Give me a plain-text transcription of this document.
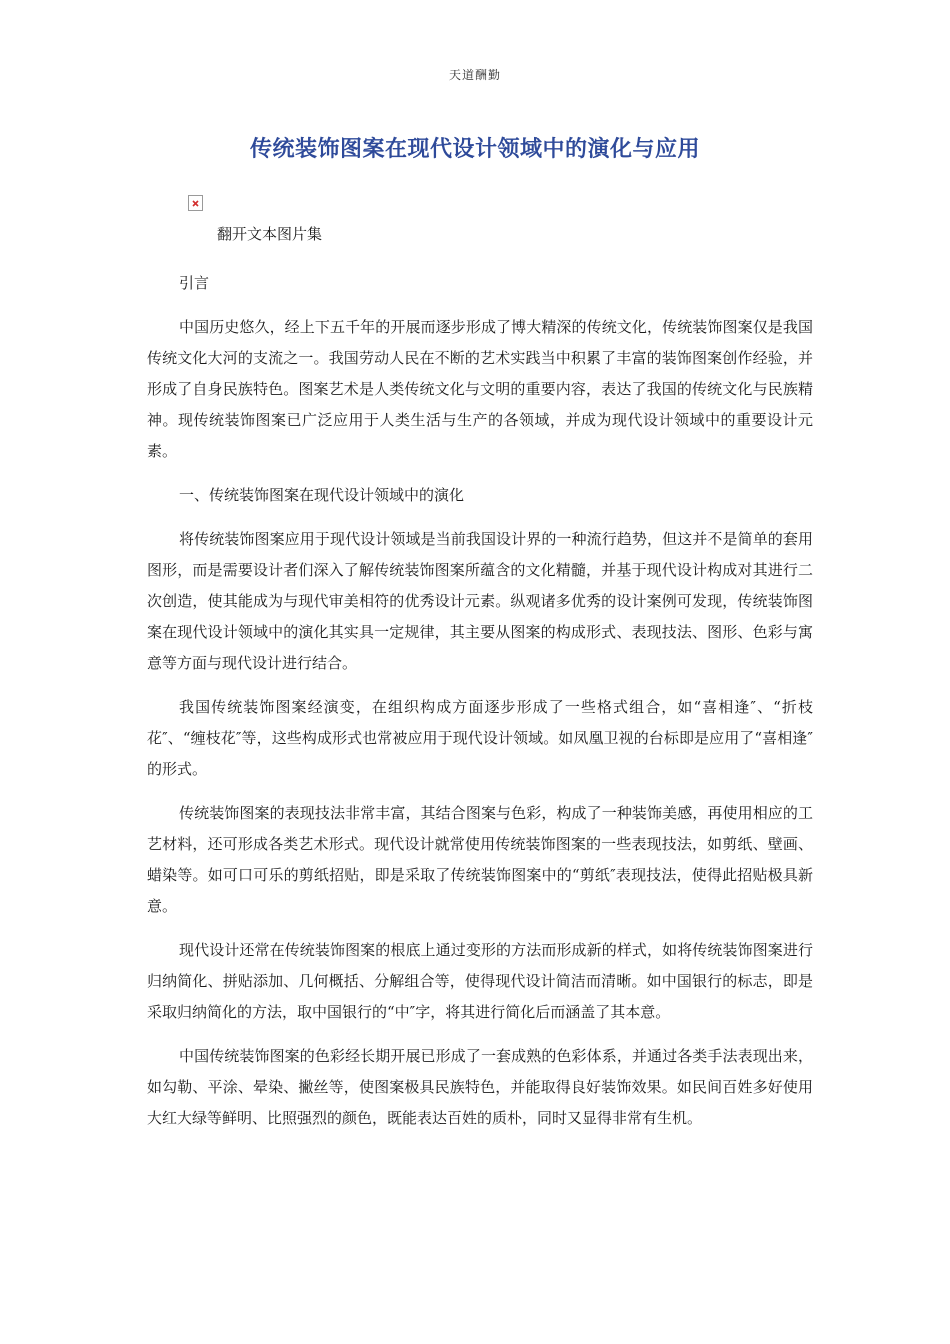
天道酬勤
传统装饰图案在现代设计领域中的演化与应用
翻开文本图片集

引言

中国历史悠久，经上下五千年的开展而逐步形成了博大精深的传统文化，传统装饰图案仅是我国传统文化大河的支流之一。我国劳动人民在不断的艺术实践当中积累了丰富的装饰图案创作经验，并形成了自身民族特色。图案艺术是人类传统文化与文明的重要内容，表达了我国的传统文化与民族精神。现传统装饰图案已广泛应用于人类生活与生产的各领域，并成为现代设计领域中的重要设计元素。

一、传统装饰图案在现代设计领域中的演化

将传统装饰图案应用于现代设计领域是当前我国设计界的一种流行趋势，但这并不是简单的套用图形，而是需要设计者们深入了解传统装饰图案所蕴含的文化精髓，并基于现代设计构成对其进行二次创造，使其能成为与现代审美相符的优秀设计元素。纵观诸多优秀的设计案例可发现，传统装饰图案在现代设计领域中的演化其实具一定规律，其主要从图案的构成形式、表现技法、图形、色彩与寓意等方面与现代设计进行结合。

我国传统装饰图案经演变，在组织构成方面逐步形成了一些格式组合，如“喜相逢″、“折枝花″、“缠枝花″等，这些构成形式也常被应用于现代设计领域。如凤凰卫视的台标即是应用了“喜相逢″的形式。

传统装饰图案的表现技法非常丰富，其结合图案与色彩，构成了一种装饰美感，再使用相应的工艺材料，还可形成各类艺术形式。现代设计就常使用传统装饰图案的一些表现技法，如剪纸、壁画、蜡染等。如可口可乐的剪纸招贴，即是采取了传统装饰图案中的“剪纸″表现技法，使得此招贴极具新意。

现代设计还常在传统装饰图案的根底上通过变形的方法而形成新的样式，如将传统装饰图案进行归纳简化、拼贴添加、几何概括、分解组合等，使得现代设计简洁而清晰。如中国银行的标志，即是采取归纳简化的方法，取中国银行的“中″字，将其进行简化后而涵盖了其本意。

中国传统装饰图案的色彩经长期开展已形成了一套成熟的色彩体系，并通过各类手法表现出来，如勾勒、平涂、晕染、撇丝等，使图案极具民族特色，并能取得良好装饰效果。如民间百姓多好使用大红大绿等鲜明、比照强烈的颜色，既能表达百姓的质朴，同时又显得非常有生机。
